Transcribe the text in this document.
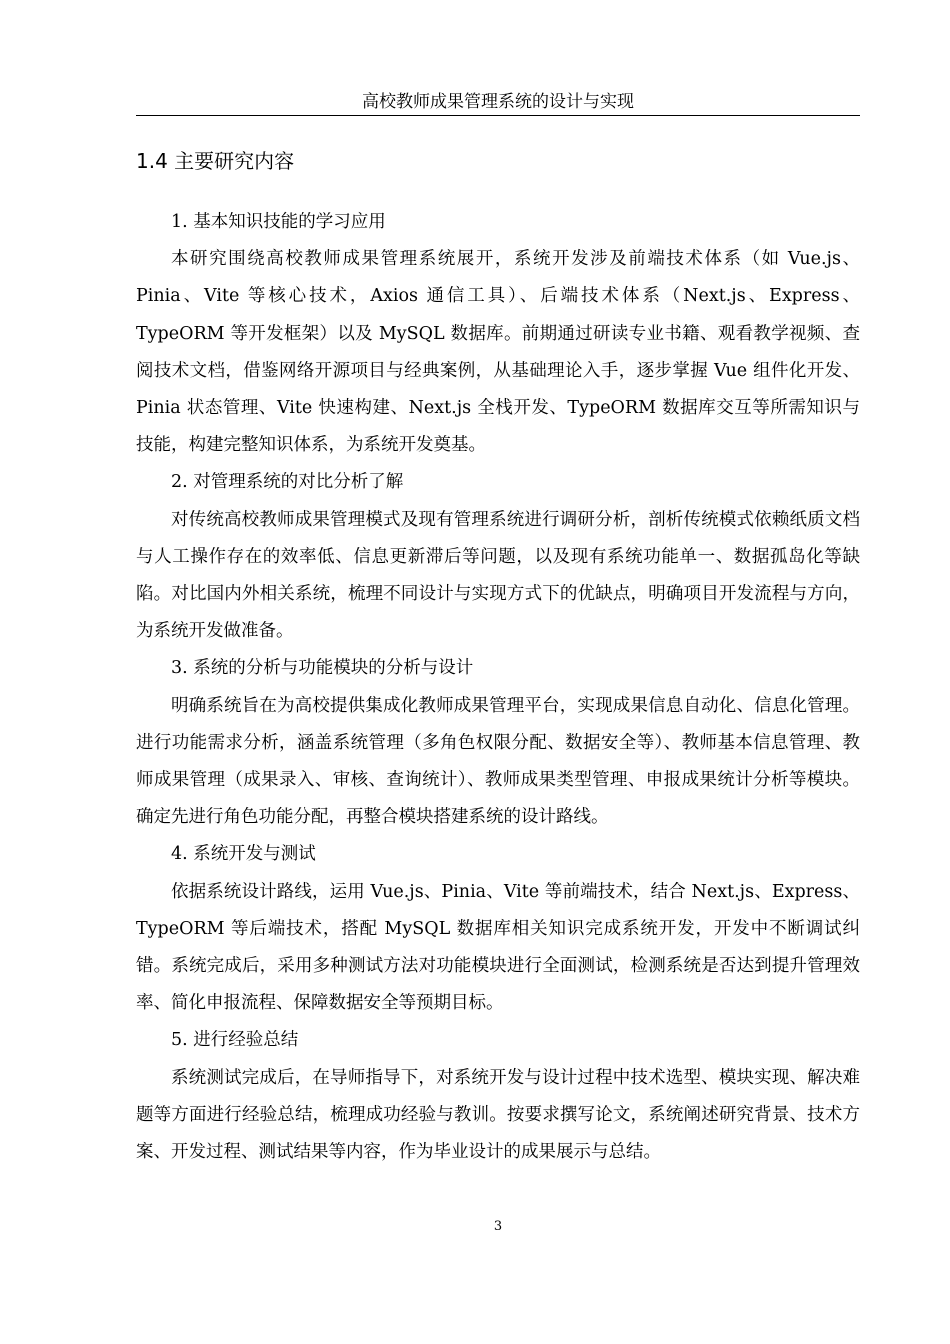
高校教师成果管理系统的设计与实现
1.4 主要研究内容

1. 基本知识技能的学习应用

本研究围绕高校教师成果管理系统展开，系统开发涉及前端技术体系（如 Vue.js、Pinia、Vite 等核心技术，Axios 通信工具）、后端技术体系（Next.js、Express、TypeORM 等开发框架）以及 MySQL 数据库。前期通过研读专业书籍、观看教学视频、查阅技术文档，借鉴网络开源项目与经典案例，从基础理论入手，逐步掌握 Vue 组件化开发、Pinia 状态管理、Vite 快速构建、Next.js 全栈开发、TypeORM 数据库交互等所需知识与技能，构建完整知识体系，为系统开发奠基。

2. 对管理系统的对比分析了解

对传统高校教师成果管理模式及现有管理系统进行调研分析，剖析传统模式依赖纸质文档与人工操作存在的效率低、信息更新滞后等问题，以及现有系统功能单一、数据孤岛化等缺陷。对比国内外相关系统，梳理不同设计与实现方式下的优缺点，明确项目开发流程与方向，为系统开发做准备。

3. 系统的分析与功能模块的分析与设计

明确系统旨在为高校提供集成化教师成果管理平台，实现成果信息自动化、信息化管理。进行功能需求分析，涵盖系统管理（多角色权限分配、数据安全等）、教师基本信息管理、教师成果管理（成果录入、审核、查询统计）、教师成果类型管理、申报成果统计分析等模块。确定先进行角色功能分配，再整合模块搭建系统的设计路线。

4. 系统开发与测试

依据系统设计路线，运用 Vue.js、Pinia、Vite 等前端技术，结合 Next.js、Express、TypeORM 等后端技术，搭配 MySQL 数据库相关知识完成系统开发，开发中不断调试纠错。系统完成后，采用多种测试方法对功能模块进行全面测试，检测系统是否达到提升管理效率、简化申报流程、保障数据安全等预期目标。

5. 进行经验总结

系统测试完成后，在导师指导下，对系统开发与设计过程中技术选型、模块实现、解决难题等方面进行经验总结，梳理成功经验与教训。按要求撰写论文，系统阐述研究背景、技术方案、开发过程、测试结果等内容，作为毕业设计的成果展示与总结。

3
